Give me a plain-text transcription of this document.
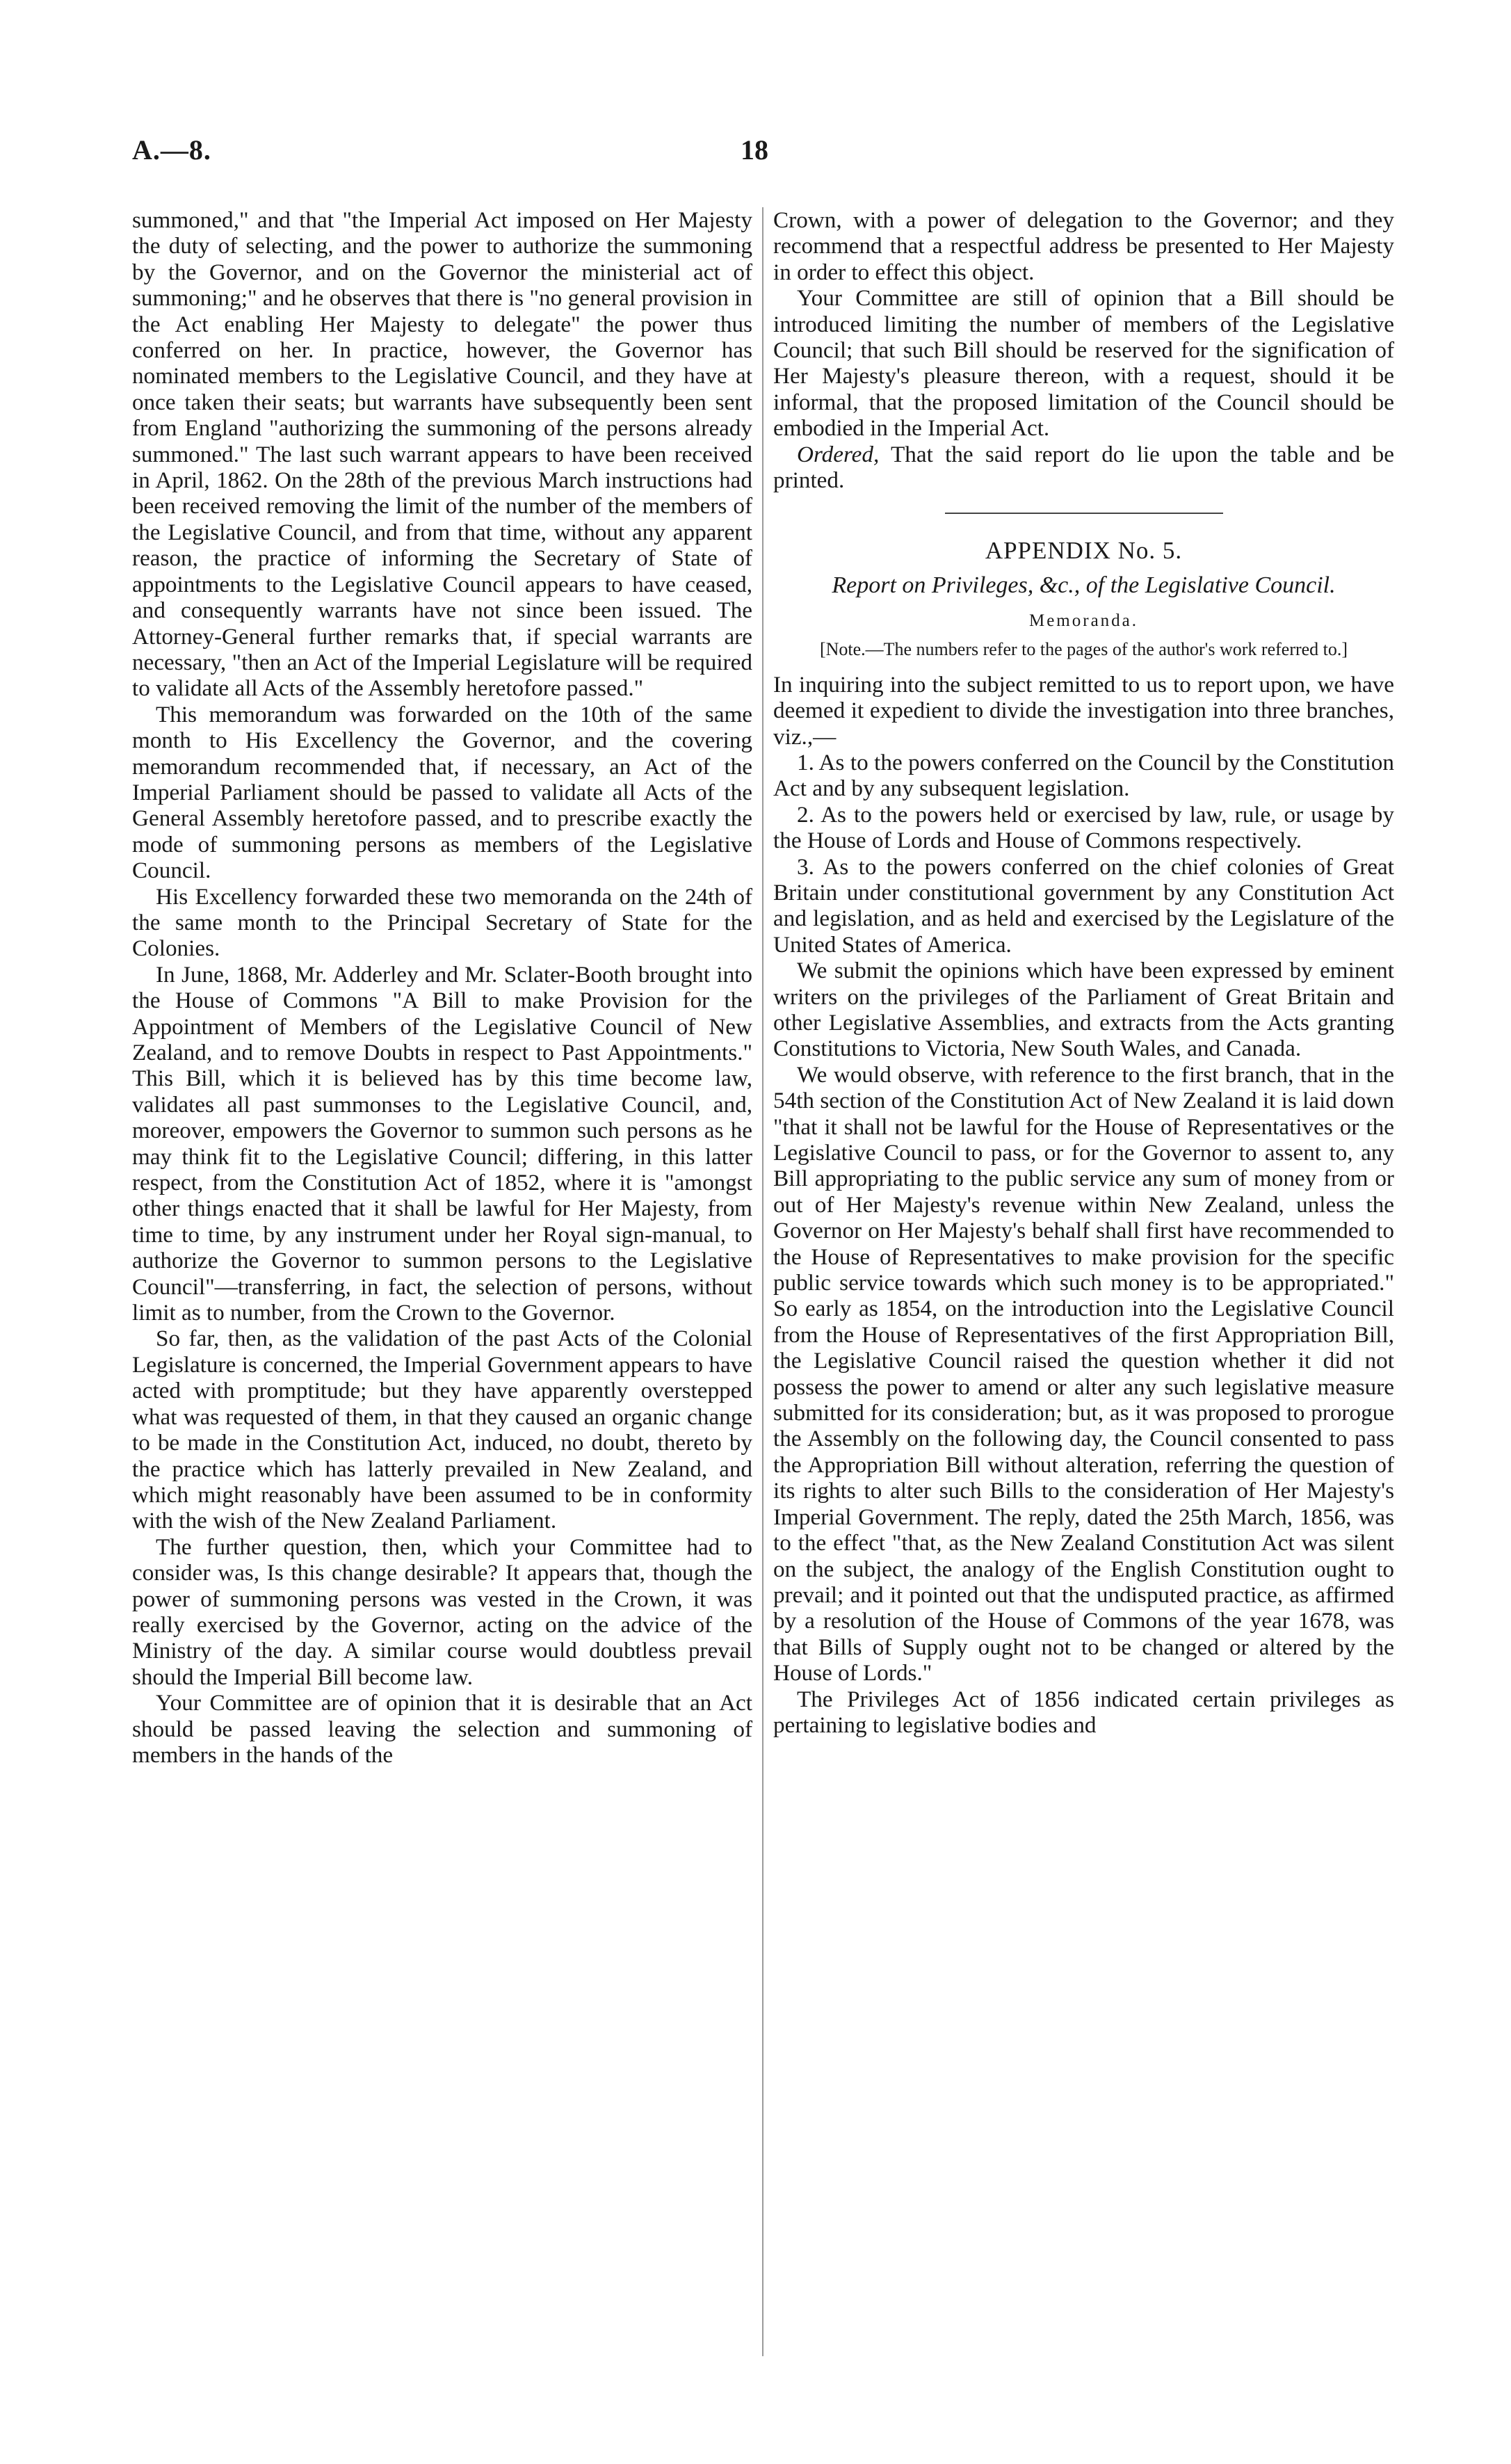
A.—8.	18

summoned," and that "the Imperial Act imposed on Her Majesty the duty of selecting, and the power to authorize the summoning by the Governor, and on the Governor the ministerial act of summoning;" and he observes that there is "no general provision in the Act enabling Her Majesty to delegate" the power thus conferred on her. In practice, however, the Governor has nominated members to the Legislative Council, and they have at once taken their seats; but warrants have subsequently been sent from England "authorizing the summoning of the persons already summoned." The last such warrant appears to have been received in April, 1862. On the 28th of the previous March instructions had been received removing the limit of the number of the members of the Legislative Council, and from that time, without any apparent reason, the practice of informing the Secretary of State of appointments to the Legislative Council appears to have ceased, and consequently warrants have not since been issued. The Attorney-General further remarks that, if special warrants are necessary, "then an Act of the Imperial Legislature will be required to validate all Acts of the Assembly heretofore passed."

This memorandum was forwarded on the 10th of the same month to His Excellency the Governor, and the covering memorandum recommended that, if necessary, an Act of the Imperial Parliament should be passed to validate all Acts of the General Assembly heretofore passed, and to prescribe exactly the mode of summoning persons as members of the Legislative Council.

His Excellency forwarded these two memoranda on the 24th of the same month to the Principal Secretary of State for the Colonies.

In June, 1868, Mr. Adderley and Mr. Sclater-Booth brought into the House of Commons "A Bill to make Provision for the Appointment of Members of the Legislative Council of New Zealand, and to remove Doubts in respect to Past Appointments." This Bill, which it is believed has by this time become law, validates all past summonses to the Legislative Council, and, moreover, empowers the Governor to summon such persons as he may think fit to the Legislative Council; differing, in this latter respect, from the Constitution Act of 1852, where it is "amongst other things enacted that it shall be lawful for Her Majesty, from time to time, by any instrument under her Royal sign-manual, to authorize the Governor to summon persons to the Legislative Council"—transferring, in fact, the selection of persons, without limit as to number, from the Crown to the Governor.

So far, then, as the validation of the past Acts of the Colonial Legislature is concerned, the Imperial Government appears to have acted with promptitude; but they have apparently overstepped what was requested of them, in that they caused an organic change to be made in the Constitution Act, induced, no doubt, thereto by the practice which has latterly prevailed in New Zealand, and which might reasonably have been assumed to be in conformity with the wish of the New Zealand Parliament.

The further question, then, which your Committee had to consider was, Is this change desirable? It appears that, though the power of summoning persons was vested in the Crown, it was really exercised by the Governor, acting on the advice of the Ministry of the day. A similar course would doubtless prevail should the Imperial Bill become law.

Your Committee are of opinion that it is desirable that an Act should be passed leaving the selection and summoning of members in the hands of the

Crown, with a power of delegation to the Governor; and they recommend that a respectful address be presented to Her Majesty in order to effect this object.

Your Committee are still of opinion that a Bill should be introduced limiting the number of members of the Legislative Council; that such Bill should be reserved for the signification of Her Majesty's pleasure thereon, with a request, should it be informal, that the proposed limitation of the Council should be embodied in the Imperial Act.

Ordered, That the said report do lie upon the table and be printed.

APPENDIX No. 5.
Report on Privileges, &c., of the Legislative Council.
Memoranda.
[Note.—The numbers refer to the pages of the author's work referred to.]

In inquiring into the subject remitted to us to report upon, we have deemed it expedient to divide the investigation into three branches, viz.,—

1. As to the powers conferred on the Council by the Constitution Act and by any subsequent legislation.

2. As to the powers held or exercised by law, rule, or usage by the House of Lords and House of Commons respectively.

3. As to the powers conferred on the chief colonies of Great Britain under constitutional government by any Constitution Act and legislation, and as held and exercised by the Legislature of the United States of America.

We submit the opinions which have been expressed by eminent writers on the privileges of the Parliament of Great Britain and other Legislative Assemblies, and extracts from the Acts granting Constitutions to Victoria, New South Wales, and Canada.

We would observe, with reference to the first branch, that in the 54th section of the Constitution Act of New Zealand it is laid down "that it shall not be lawful for the House of Representatives or the Legislative Council to pass, or for the Governor to assent to, any Bill appropriating to the public service any sum of money from or out of Her Majesty's revenue within New Zealand, unless the Governor on Her Majesty's behalf shall first have recommended to the House of Representatives to make provision for the specific public service towards which such money is to be appropriated." So early as 1854, on the introduction into the Legislative Council from the House of Representatives of the first Appropriation Bill, the Legislative Council raised the question whether it did not possess the power to amend or alter any such legislative measure submitted for its consideration; but, as it was proposed to prorogue the Assembly on the following day, the Council consented to pass the Appropriation Bill without alteration, referring the question of its rights to alter such Bills to the consideration of Her Majesty's Imperial Government. The reply, dated the 25th March, 1856, was to the effect "that, as the New Zealand Constitution Act was silent on the subject, the analogy of the English Constitution ought to prevail; and it pointed out that the undisputed practice, as affirmed by a resolution of the House of Commons of the year 1678, was that Bills of Supply ought not to be changed or altered by the House of Lords."

The Privileges Act of 1856 indicated certain privileges as pertaining to legislative bodies and
